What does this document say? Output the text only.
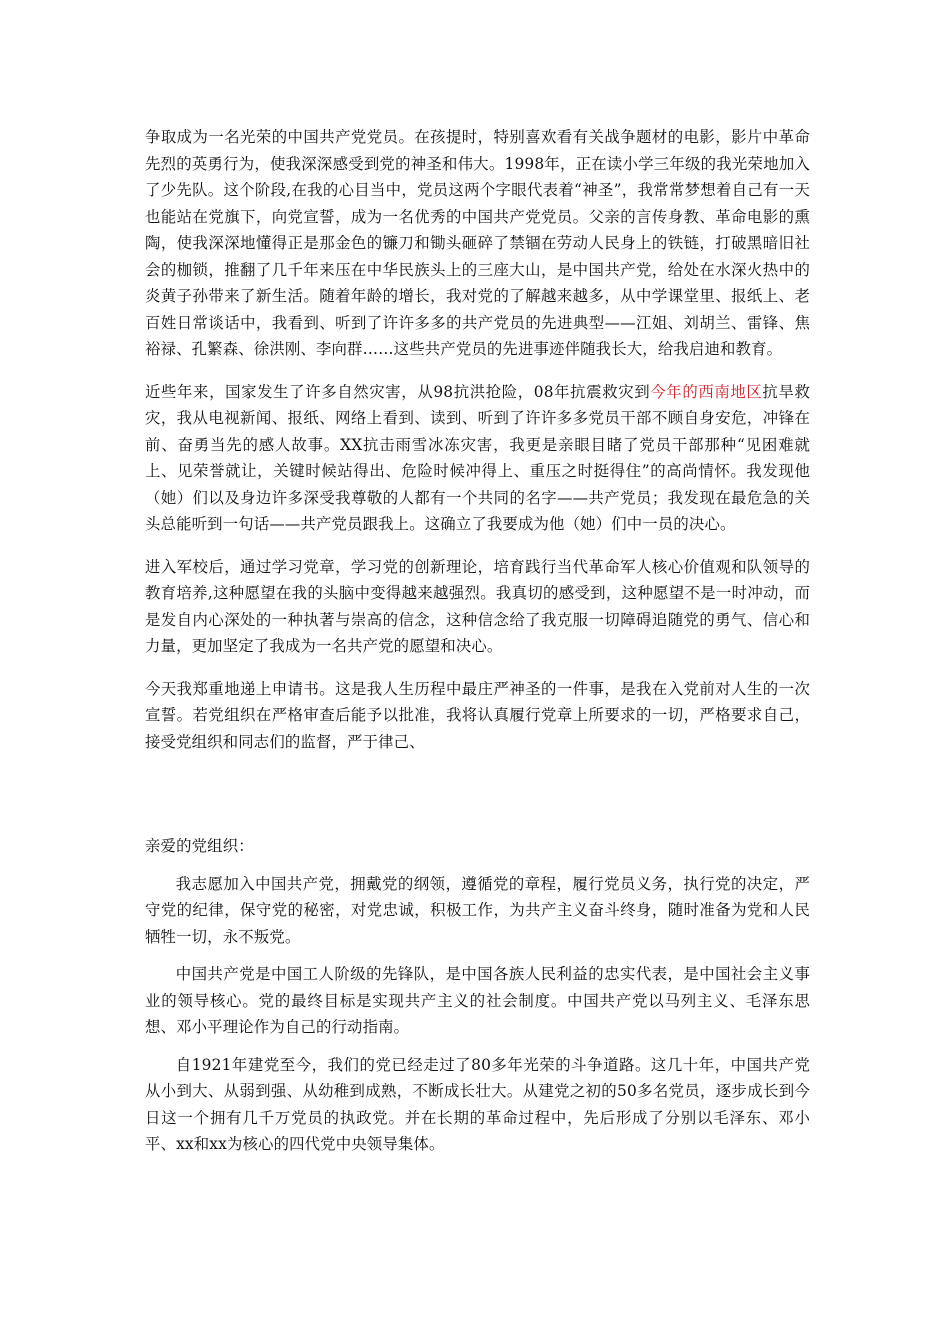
争取成为一名光荣的中国共产党党员。在孩提时，特别喜欢看有关战争题材的电影，影片中革命先烈的英勇行为，使我深深感受到党的神圣和伟大。1998年，正在读小学三年级的我光荣地加入了少先队。这个阶段,在我的心目当中，党员这两个字眼代表着“神圣”，我常常梦想着自己有一天也能站在党旗下，向党宣誓，成为一名优秀的中国共产党党员。父亲的言传身教、革命电影的熏陶，使我深深地懂得正是那金色的镰刀和锄头砸碎了禁锢在劳动人民身上的铁链，打破黑暗旧社会的枷锁，推翻了几千年来压在中华民族头上的三座大山，是中国共产党，给处在水深火热中的炎黄子孙带来了新生活。随着年龄的增长，我对党的了解越来越多，从中学课堂里、报纸上、老百姓日常谈话中，我看到、听到了许许多多的共产党员的先进典型——江姐、刘胡兰、雷锋、焦裕禄、孔繁森、徐洪刚、李向群……这些共产党员的先进事迹伴随我长大，给我启迪和教育。

近些年来，国家发生了许多自然灾害，从98抗洪抢险，08年抗震救灾到今年的西南地区抗旱救灾，我从电视新闻、报纸、网络上看到、读到、听到了许许多多党员干部不顾自身安危，冲锋在前、奋勇当先的感人故事。XX抗击雨雪冰冻灾害，我更是亲眼目睹了党员干部那种“见困难就上、见荣誉就让，关键时候站得出、危险时候冲得上、重压之时挺得住”的高尚情怀。我发现他（她）们以及身边许多深受我尊敬的人都有一个共同的名字——共产党员；我发现在最危急的关头总能听到一句话——共产党员跟我上。这确立了我要成为他（她）们中一员的决心。

进入军校后，通过学习党章，学习党的创新理论，培育践行当代革命军人核心价值观和队领导的教育培养,这种愿望在我的头脑中变得越来越强烈。我真切的感受到，这种愿望不是一时冲动，而是发自内心深处的一种执著与崇高的信念，这种信念给了我克服一切障碍追随党的勇气、信心和力量，更加坚定了我成为一名共产党的愿望和决心。

今天我郑重地递上申请书。这是我人生历程中最庄严神圣的一件事，是我在入党前对人生的一次宣誓。若党组织在严格审查后能予以批准，我将认真履行党章上所要求的一切，严格要求自己，接受党组织和同志们的监督，严于律己、

亲爱的党组织：

我志愿加入中国共产党，拥戴党的纲领，遵循党的章程，履行党员义务，执行党的决定，严守党的纪律，保守党的秘密，对党忠诚，积极工作，为共产主义奋斗终身，随时准备为党和人民牺牲一切，永不叛党。

中国共产党是中国工人阶级的先锋队，是中国各族人民利益的忠实代表，是中国社会主义事业的领导核心。党的最终目标是实现共产主义的社会制度。中国共产党以马列主义、毛泽东思想、邓小平理论作为自己的行动指南。

自1921年建党至今，我们的党已经走过了80多年光荣的斗争道路。这几十年，中国共产党从小到大、从弱到强、从幼稚到成熟，不断成长壮大。从建党之初的50多名党员，逐步成长到今日这一个拥有几千万党员的执政党。并在长期的革命过程中，先后形成了分别以毛泽东、邓小平、xx和xx为核心的四代党中央领导集体。
